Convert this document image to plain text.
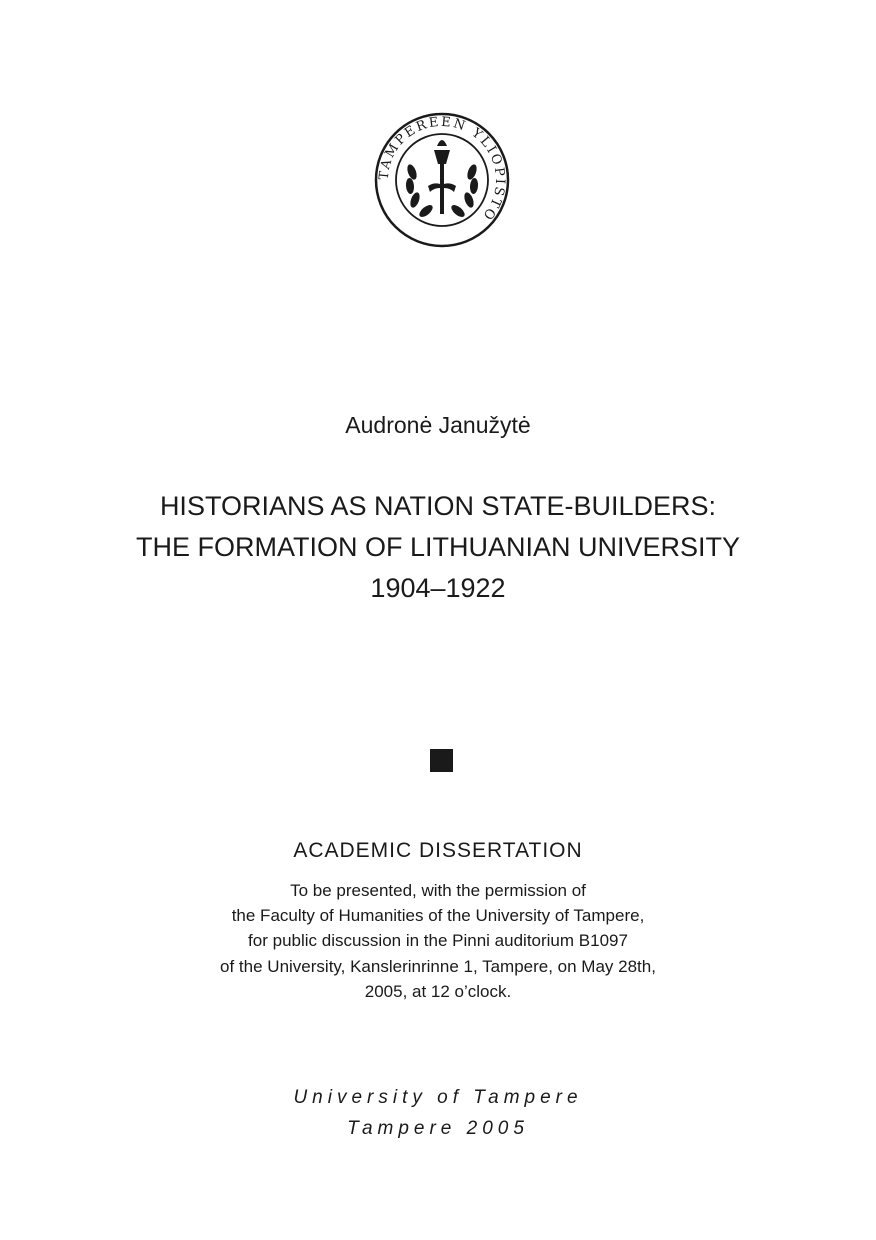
TAMPEREEN YLIOPISTO
Audronė Janužytė
HISTORIANS AS NATION STATE-BUILDERS:
THE FORMATION OF LITHUANIAN UNIVERSITY
1904–1922
ACADEMIC DISSERTATION
To be presented, with the permission of
the Faculty of Humanities of the University of Tampere,
for public discussion in the Pinni auditorium B1097
of the University, Kanslerinrinne 1, Tampere, on May 28th,
2005, at 12 o’clock.
University of Tampere
Tampere 2005
